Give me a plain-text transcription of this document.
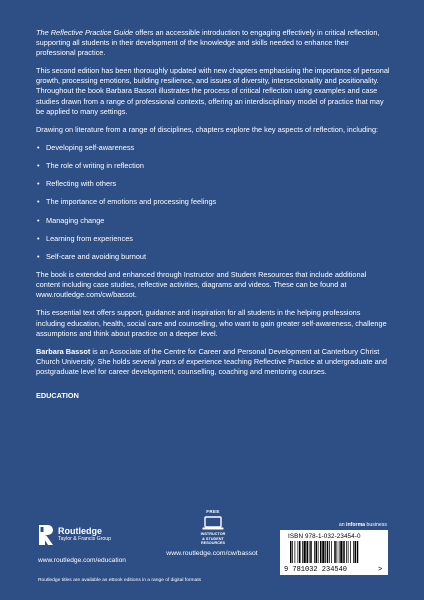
The Reflective Practice Guide offers an accessible introduction to engaging effectively in critical reflection, supporting all students in their development of the knowledge and skills needed to enhance their professional practice.

This second edition has been thoroughly updated with new chapters emphasising the importance of personal growth, processing emotions, building resilience, and issues of diversity, intersectionality and positionality. Throughout the book Barbara Bassot illustrates the process of critical reflection using examples and case studies drawn from a range of professional contexts, offering an interdisciplinary model of practice that may be applied to many settings.

Drawing on literature from a range of disciplines, chapters explore the key aspects of reflection, including:

• Developing self-awareness
• The role of writing in reflection
• Reflecting with others
• The importance of emotions and processing feelings
• Managing change
• Learning from experiences
• Self-care and avoiding burnout

The book is extended and enhanced through Instructor and Student Resources that include additional content including case studies, reflective activities, diagrams and videos. These can be found at www.routledge.com/cw/bassot.

This essential text offers support, guidance and inspiration for all students in the helping professions including education, health, social care and counselling, who want to gain greater self-awareness, challenge assumptions and think about practice on a deeper level.

Barbara Bassot is an Associate of the Centre for Career and Personal Development at Canterbury Christ Church University. She holds several years of experience teaching Reflective Practice at undergraduate and postgraduate level for career development, counselling, coaching and mentoring courses.

EDUCATION
Routledge
Taylor & Francis Group
www.routledge.com/education
FREE
INSTRUCTOR
& STUDENT
RESOURCES
www.routledge.com/cw/bassot
an informa business
ISBN 978-1-032-23454-0
9 781032 234540	>
Routledge titles are available as eBook editions in a range of digital formats
